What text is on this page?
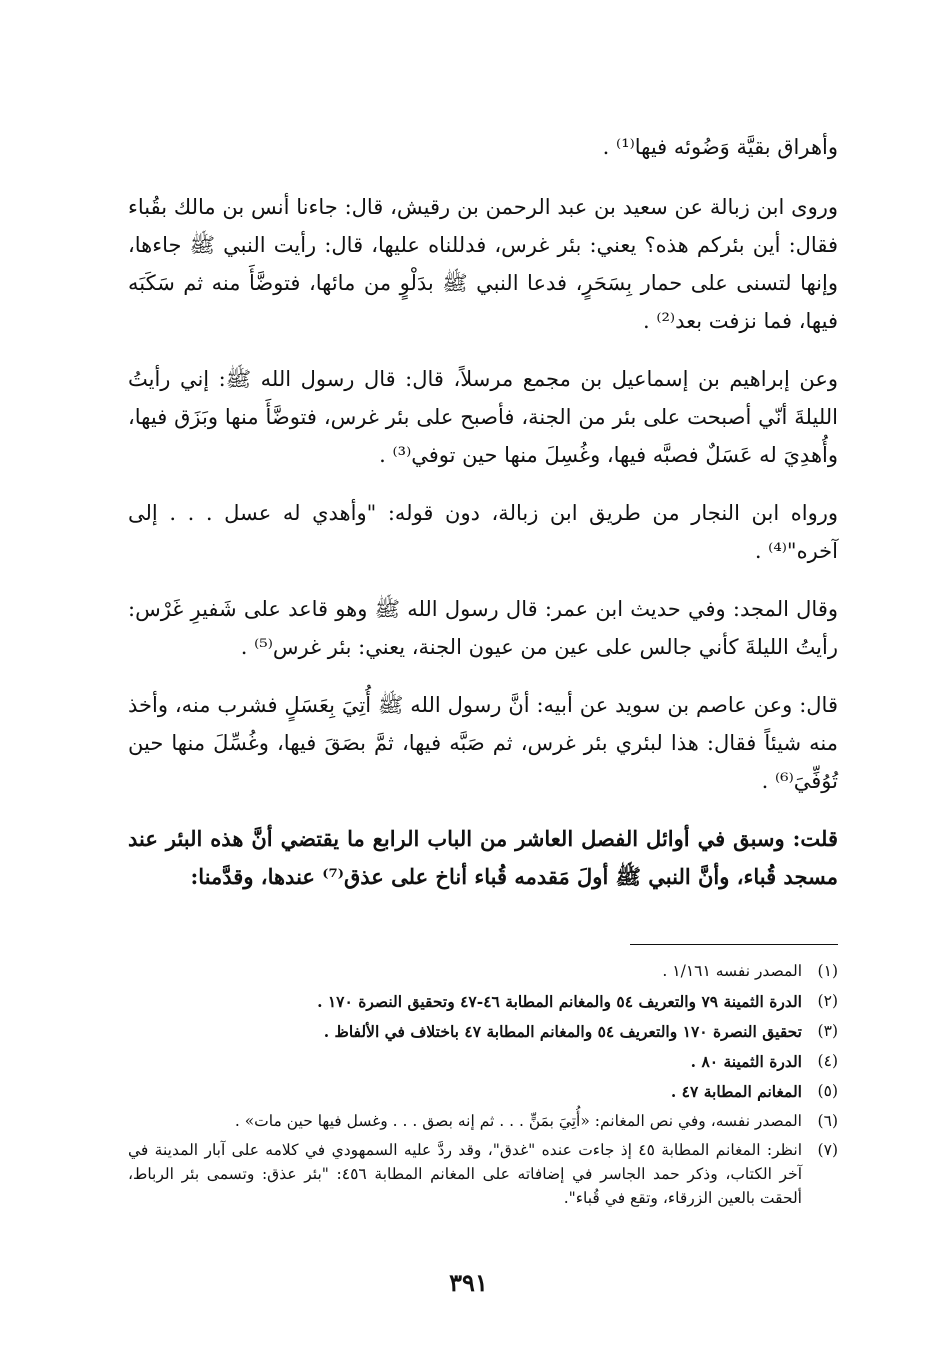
وأهراق بقيَّة وَضُوئه فيها⁽¹⁾ .

وروى ابن زبالة عن سعيد بن عبد الرحمن بن رقيش، قال: جاءنا أنس بن مالك بقُباء فقال: أين بئركم هذه؟ يعني: بئر غرس، فدللناه عليها، قال: رأيت النبي ﷺ جاءها، وإنها لتسنى على حمار بِسَحَرٍ، فدعا النبي ﷺ بدَلْوٍ من مائها، فتوضَّأَ منه ثم سَكَبَه فيها، فما نزفت بعد⁽²⁾ .

وعن إبراهيم بن إسماعيل بن مجمع مرسلاً، قال: قال رسول الله ﷺ: إني رأيتُ الليلةَ أنّي أصبحت على بئر من الجنة، فأصبح على بئر غرس، فتوضَّأَ منها وبَزَق فيها، وأُهدِيَ له عَسَلٌ فصبَّه فيها، وغُسِلَ منها حين توفي⁽³⁾ .

ورواه ابن النجار من طريق ابن زبالة، دون قوله: "وأهدي له عسل . . . إلى آخره"⁽⁴⁾ .

وقال المجد: وفي حديث ابن عمر: قال رسول الله ﷺ وهو قاعد على شَفيرِ غَرْس: رأيتُ الليلةَ كأني جالس على عين من عيون الجنة، يعني: بئر غرس⁽⁵⁾ .

قال: وعن عاصم بن سويد عن أبيه: أنَّ رسول الله ﷺ أُتِيَ بِعَسَلٍ فشرب منه، وأخذ منه شيئاً فقال: هذا لبئري بئر غرس، ثم صَبَّه فيها، ثمَّ بصَقَ فيها، وغُسِّلَ منها حين تُوُفِّيَ⁽⁶⁾ .

قلت: وسبق في أوائل الفصل العاشر من الباب الرابع ما يقتضي أنَّ هذه البئر عند مسجد قُباء، وأنَّ النبي ﷺ أولَ مَقدمه قُباء أناخ على عذق⁽⁷⁾ عندها، وقدَّمنا:

(١)
المصدر نفسه ١/١٦١ .
(٢)
الدرة الثمينة ٧٩ والتعريف ٥٤ والمغانم المطابة ٤٦-٤٧ وتحقيق النصرة ١٧٠ .
(٣)
تحقيق النصرة ١٧٠ والتعريف ٥٤ والمغانم المطابة ٤٧ باختلاف في الألفاظ .
(٤)
الدرة الثمينة ٨٠ .
(٥)
المغانم المطابة ٤٧ .
(٦)
المصدر نفسه، وفي نص المغانم: «أُتِيَ بمَنٍّ . . . ثم إنه بصق . . . وغسل فيها حين مات» .
(٧)
انظر: المغانم المطابة ٤٥ إذ جاءت عنده "غدق"، وقد ردَّ عليه السمهودي في كلامه على آبار المدينة في آخر الكتاب، وذكر حمد الجاسر في إضافاته على المغانم المطابة ٤٥٦: "بئر عذق: وتسمى بئر الرباط، ألحقت بالعين الزرقاء، وتقع في قُباء".
٣٩١
